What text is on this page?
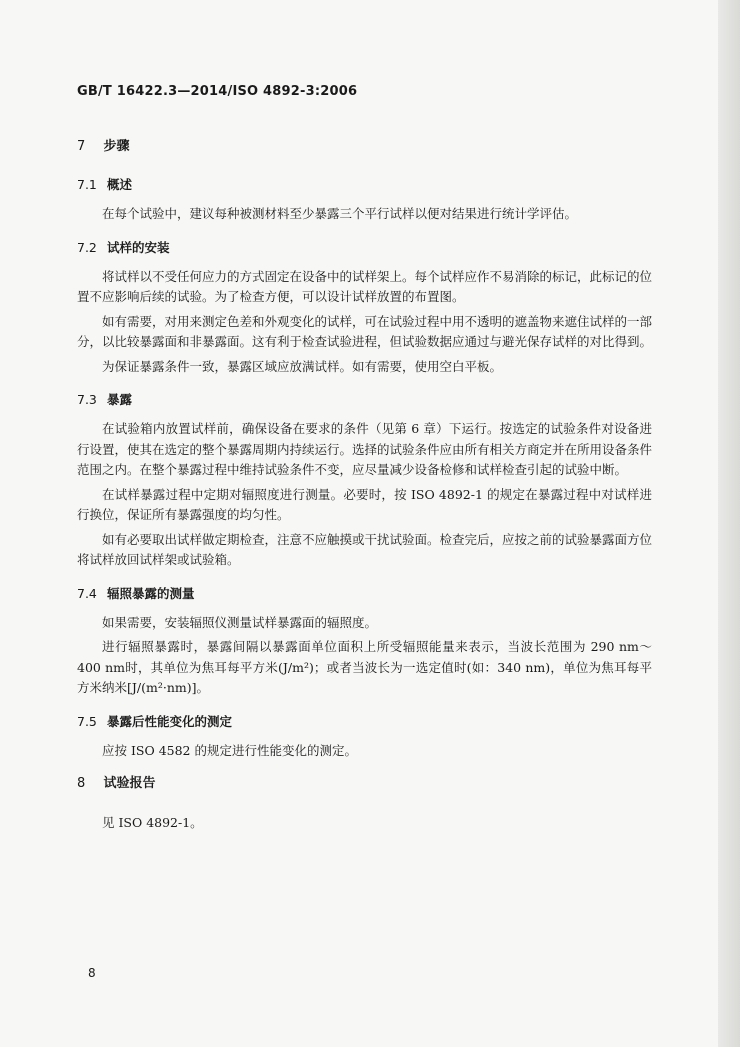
GB/T 16422.3—2014/ISO 4892-3:2006
7 步骤
7.1 概述

在每个试验中，建议每种被测材料至少暴露三个平行试样以便对结果进行统计学评估。

7.2 试样的安装

将试样以不受任何应力的方式固定在设备中的试样架上。每个试样应作不易消除的标记，此标记的位置不应影响后续的试验。为了检查方便，可以设计试样放置的布置图。

如有需要，对用来测定色差和外观变化的试样，可在试验过程中用不透明的遮盖物来遮住试样的一部分，以比较暴露面和非暴露面。这有利于检查试验进程，但试验数据应通过与避光保存试样的对比得到。

为保证暴露条件一致，暴露区域应放满试样。如有需要，使用空白平板。

7.3 暴露

在试验箱内放置试样前，确保设备在要求的条件（见第 6 章）下运行。按选定的试验条件对设备进行设置，使其在选定的整个暴露周期内持续运行。选择的试验条件应由所有相关方商定并在所用设备条件范围之内。在整个暴露过程中维持试验条件不变，应尽量减少设备检修和试样检查引起的试验中断。

在试样暴露过程中定期对辐照度进行测量。必要时，按 ISO 4892-1 的规定在暴露过程中对试样进行换位，保证所有暴露强度的均匀性。

如有必要取出试样做定期检查，注意不应触摸或干扰试验面。检查完后，应按之前的试验暴露面方位将试样放回试样架或试验箱。

7.4 辐照暴露的测量

如果需要，安装辐照仪测量试样暴露面的辐照度。

进行辐照暴露时，暴露间隔以暴露面单位面积上所受辐照能量来表示，当波长范围为 290 nm～400 nm时，其单位为焦耳每平方米(J/m²)；或者当波长为一选定值时(如：340 nm)，单位为焦耳每平方米纳米[J/(m²·nm)]。

7.5 暴露后性能变化的测定

应按 ISO 4582 的规定进行性能变化的测定。

8 试验报告

见 ISO 4892-1。

8
